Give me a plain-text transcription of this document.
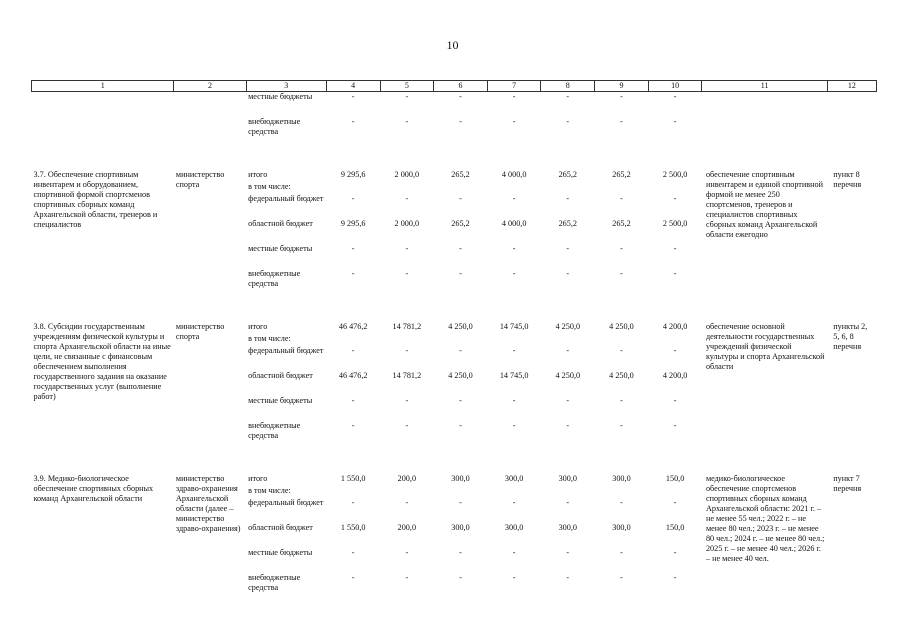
10
1	2	3	4	5	6	7	8	9	10	11	12
		местные бюджеты	-	-	-	-	-	-	-		
		внебюджетные средства	-	-	-	-	-	-	-		

3.7. Обеспечение спортивным инвентарем и оборудованием, спортивной формой спортсменов спортивных сборных команд Архангельской области, тренеров и специалистов	министерство спорта	итого	9 295,6	2 000,0	265,2	4 000,0	265,2	265,2	2 500,0	обеспечение спортивным инвентарем и единой спортивной формой не менее 250 спортсменов, тренеров и специалистов спортивных сборных команд Архангельской области ежегодно	пункт 8 перечня
		в том числе:									
		федеральный бюджет	-	-	-	-	-	-	-		
		областной бюджет	9 295,6	2 000,0	265,2	4 000,0	265,2	265,2	2 500,0		
		местные бюджеты	-	-	-	-	-	-	-		
		внебюджетные средства	-	-	-	-	-	-	-		

3.8. Субсидии государственным учреждениям физической культуры и спорта Архангельской области на иные цели, не связанные с финансовым обеспечением выполнения государственного задания на оказание государственных услуг (выполнение работ)	министерство спорта	итого	46 476,2	14 781,2	4 250,0	14 745,0	4 250,0	4 250,0	4 200,0	обеспечение основной деятельности государственных учреждений физической культуры и спорта Архангельской области	пункты 2, 5, 6, 8 перечня
		в том числе:									
		федеральный бюджет	-	-	-	-	-	-	-		
		областной бюджет	46 476,2	14 781,2	4 250,0	14 745,0	4 250,0	4 250,0	4 200,0		
		местные бюджеты	-	-	-	-	-	-	-		
		внебюджетные средства	-	-	-	-	-	-	-		

3.9. Медико-биологическое обеспечение спортивных сборных команд Архангельской области	министерство здраво-охранения Архангельской области (далее – министерство здраво-охранения)	итого	1 550,0	200,0	300,0	300,0	300,0	300,0	150,0	медико-биологическое обеспечение спортсменов спортивных сборных команд Архангельской области: 2021 г. – не менее 55 чел.; 2022 г. – не менее 80 чел.; 2023 г. – не менее 80 чел.; 2024 г. – не менее 80 чел.; 2025 г. – не менее 40 чел.; 2026 г. – не менее 40 чел.	пункт 7 перечня
		в том числе:									
		федеральный бюджет	-	-	-	-	-	-	-		
		областной бюджет	1 550,0	200,0	300,0	300,0	300,0	300,0	150,0		
		местные бюджеты	-	-	-	-	-	-	-		
		внебюджетные средства	-	-	-	-	-	-	-		
